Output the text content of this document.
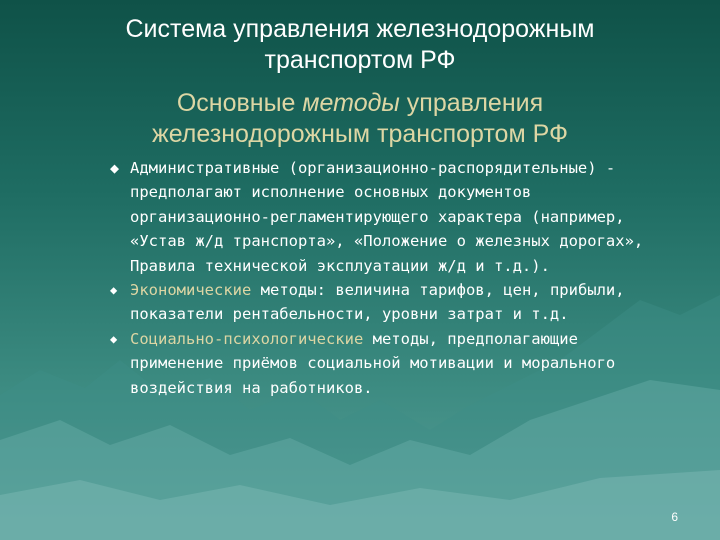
Система управления железнодорожным
транспортом РФ
Основные методы управления
железнодорожным транспортом РФ
◆ Административные (организационно-распорядительные) - предполагают исполнение основных документов организационно-регламентирующего характера (например, «Устав ж/д транспорта», «Положение о железных дорогах», Правила технической эксплуатации ж/д и т.д.).
◆ Экономические методы: величина тарифов, цен, прибыли, показатели рентабельности, уровни затрат и т.д.
◆ Социально-психологические методы, предполагающие применение приёмов социальной мотивации и морального воздействия на работников.
6
